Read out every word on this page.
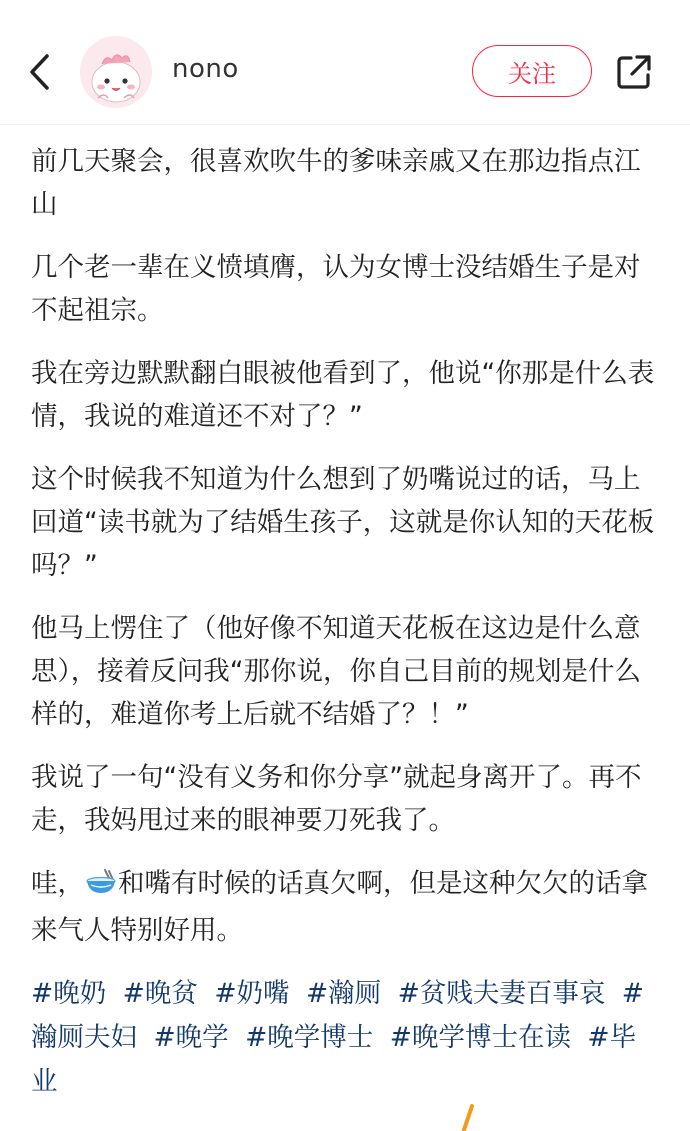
nono	关注

前几天聚会，很喜欢吹牛的爹味亲戚又在那边指点江山

几个老一辈在义愤填膺，认为女博士没结婚生子是对不起祖宗。

我在旁边默默翻白眼被他看到了，他说“你那是什么表情，我说的难道还不对了？”

这个时候我不知道为什么想到了奶嘴说过的话，马上回道“读书就为了结婚生孩子，这就是你认知的天花板吗？”

他马上愣住了（他好像不知道天花板在这边是什么意思），接着反问我“那你说，你自己目前的规划是什么样的，难道你考上后就不结婚了？！”

我说了一句“没有义务和你分享”就起身离开了。再不走，我妈甩过来的眼神要刀死我了。

哇， 和嘴有时候的话真欠啊，但是这种欠欠的话拿来气人特别好用。

#晚奶 #晚贫 #奶嘴 #瀚厕 #贫贱夫妻百事哀 #瀚厕夫妇 #晚学 #晚学博士 #晚学博士在读 #毕业
